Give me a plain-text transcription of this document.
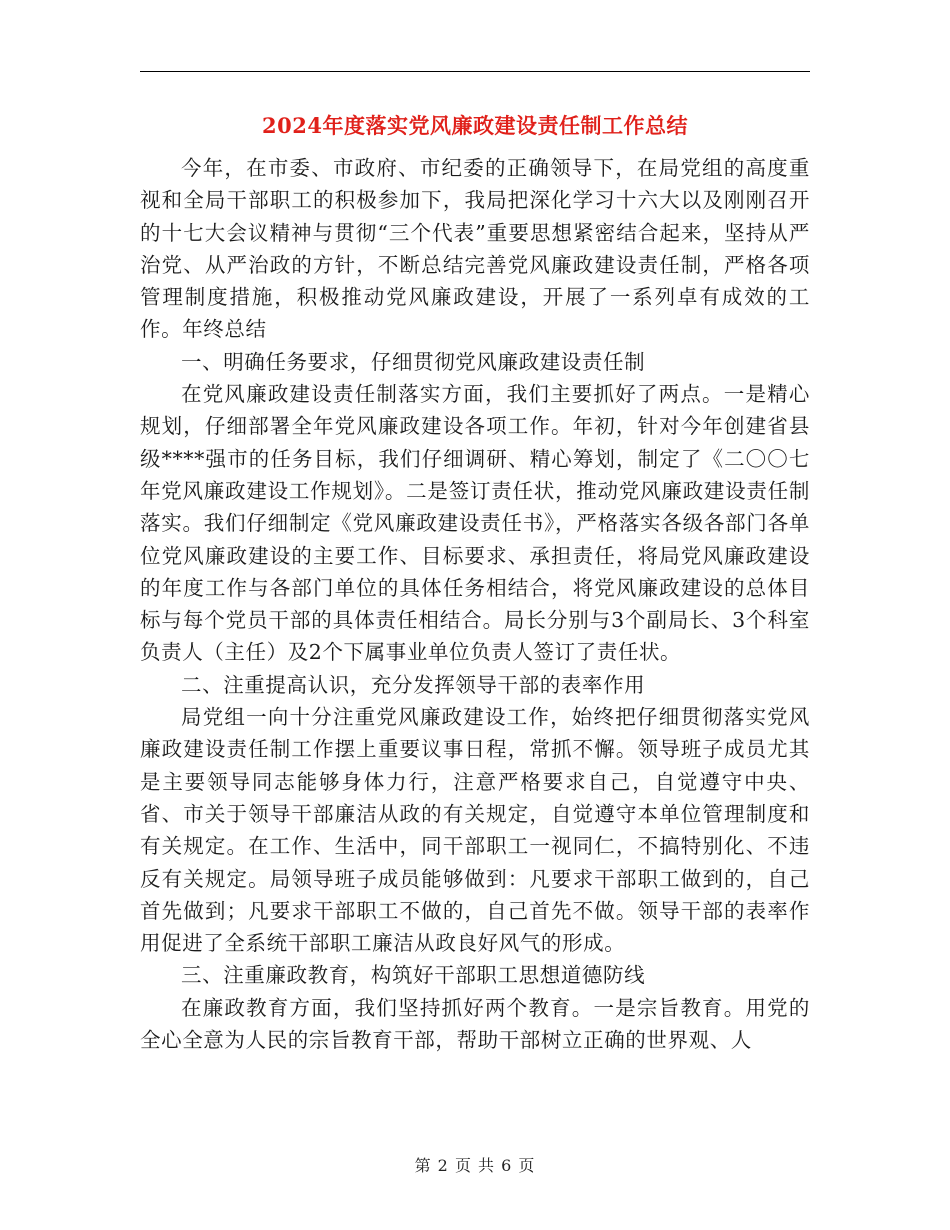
2024年度落实党风廉政建设责任制工作总结

今年，在市委、市政府、市纪委的正确领导下，在局党组的高度重视和全局干部职工的积极参加下，我局把深化学习十六大以及刚刚召开的十七大会议精神与贯彻“三个代表”重要思想紧密结合起来，坚持从严治党、从严治政的方针，不断总结完善党风廉政建设责任制，严格各项管理制度措施，积极推动党风廉政建设，开展了一系列卓有成效的工作。年终总结

一、明确任务要求，仔细贯彻党风廉政建设责任制

在党风廉政建设责任制落实方面，我们主要抓好了两点。一是精心规划，仔细部署全年党风廉政建设各项工作。年初，针对今年创建省县级****强市的任务目标，我们仔细调研、精心筹划，制定了《二〇〇七年党风廉政建设工作规划》。二是签订责任状，推动党风廉政建设责任制落实。我们仔细制定《党风廉政建设责任书》，严格落实各级各部门各单位党风廉政建设的主要工作、目标要求、承担责任，将局党风廉政建设的年度工作与各部门单位的具体任务相结合，将党风廉政建设的总体目标与每个党员干部的具体责任相结合。局长分别与3个副局长、3个科室负责人（主任）及2个下属事业单位负责人签订了责任状。

二、注重提高认识，充分发挥领导干部的表率作用

局党组一向十分注重党风廉政建设工作，始终把仔细贯彻落实党风廉政建设责任制工作摆上重要议事日程，常抓不懈。领导班子成员尤其是主要领导同志能够身体力行，注意严格要求自己，自觉遵守中央、省、市关于领导干部廉洁从政的有关规定，自觉遵守本单位管理制度和有关规定。在工作、生活中，同干部职工一视同仁，不搞特别化、不违反有关规定。局领导班子成员能够做到：凡要求干部职工做到的，自己首先做到；凡要求干部职工不做的，自己首先不做。领导干部的表率作用促进了全系统干部职工廉洁从政良好风气的形成。

三、注重廉政教育，构筑好干部职工思想道德防线

在廉政教育方面，我们坚持抓好两个教育。一是宗旨教育。用党的全心全意为人民的宗旨教育干部，帮助干部树立正确的世界观、人

第 2 页 共 6 页
